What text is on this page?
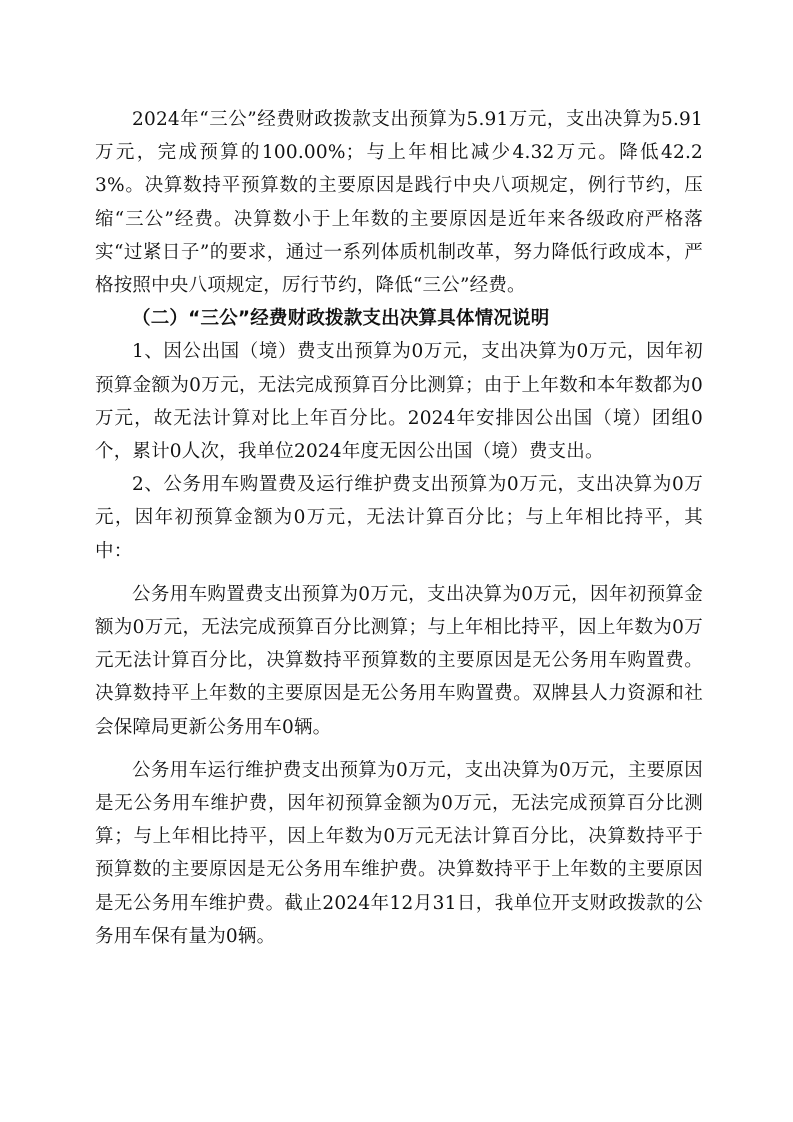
2024年“三公”经费财政拨款支出预算为5.91万元，支出决算为5.91万元，完成预算的100.00%；与上年相比减少4.32万元。降低42.23%。决算数持平预算数的主要原因是践行中央八项规定，例行节约，压缩“三公”经费。决算数小于上年数的主要原因是近年来各级政府严格落实“过紧日子”的要求，通过一系列体质机制改革，努力降低行政成本，严格按照中央八项规定，厉行节约，降低“三公”经费。

（二）“三公”经费财政拨款支出决算具体情况说明

1、因公出国（境）费支出预算为0万元，支出决算为0万元，因年初预算金额为0万元，无法完成预算百分比测算；由于上年数和本年数都为0万元，故无法计算对比上年百分比。2024年安排因公出国（境）团组0个，累计0人次，我单位2024年度无因公出国（境）费支出。

2、公务用车购置费及运行维护费支出预算为0万元，支出决算为0万元，因年初预算金额为0万元，无法计算百分比；与上年相比持平，其中：

公务用车购置费支出预算为0万元，支出决算为0万元，因年初预算金额为0万元，无法完成预算百分比测算；与上年相比持平，因上年数为0万元无法计算百分比，决算数持平预算数的主要原因是无公务用车购置费。决算数持平上年数的主要原因是无公务用车购置费。双牌县人力资源和社会保障局更新公务用车0辆。

公务用车运行维护费支出预算为0万元，支出决算为0万元，主要原因是无公务用车维护费，因年初预算金额为0万元，无法完成预算百分比测算；与上年相比持平，因上年数为0万元无法计算百分比，决算数持平于预算数的主要原因是无公务用车维护费。决算数持平于上年数的主要原因是无公务用车维护费。截止2024年12月31日，我单位开支财政拨款的公务用车保有量为0辆。
